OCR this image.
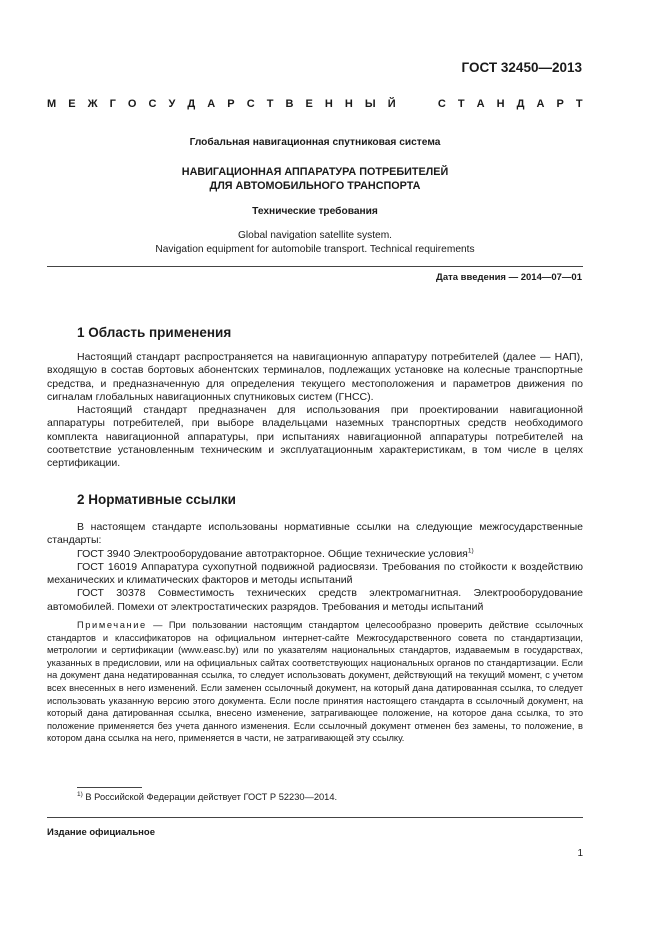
ГОСТ 32450—2013
М Е Ж Г О С У Д А Р С Т В Е Н Н Ы Й

	С Т А Н Д А Р Т
Глобальная навигационная спутниковая система
НАВИГАЦИОННАЯ АППАРАТУРА ПОТРЕБИТЕЛЕЙ
ДЛЯ АВТОМОБИЛЬНОГО ТРАНСПОРТА
Технические требования
Global navigation satellite system.
Navigation equipment for automobile transport. Technical requirements
Дата введения — 2014—07—01
1 Область применения

Настоящий стандарт распространяется на навигационную аппаратуру потребителей (далее — НАП), входящую в состав бортовых абонентских терминалов, подлежащих установке на колесные транспортные средства, и предназначенную для определения текущего местоположения и параметров движения по сигналам глобальных навигационных спутниковых систем (ГНСС).

Настоящий стандарт предназначен для использования при проектировании навигационной аппаратуры потребителей, при выборе владельцами наземных транспортных средств необходимого комплекта навигационной аппаратуры, при испытаниях навигационной аппаратуры потребителей на соответствие установленным техническим и эксплуатационным характеристикам, в том числе в целях сертификации.

2 Нормативные ссылки

В настоящем стандарте использованы нормативные ссылки на следующие межгосударственные стандарты:

ГОСТ 3940 Электрооборудование автотракторное. Общие технические условия$^{1)}$

ГОСТ 16019 Аппаратура сухопутной подвижной радиосвязи. Требования по стойкости к воздействию механических и климатических факторов и методы испытаний

ГОСТ 30378 Совместимость технических средств электромагнитная. Электрооборудование автомобилей. Помехи от электростатических разрядов. Требования и методы испытаний

Примечание — При пользовании настоящим стандартом целесообразно проверить действие ссылочных стандартов и классификаторов на официальном интернет-сайте Межгосударственного совета по стандартизации, метрологии и сертификации (www.easc.by) или по указателям национальных стандартов, издаваемым в государствах, указанных в предисловии, или на официальных сайтах соответствующих национальных органов по стандартизации. Если на документ дана недатированная ссылка, то следует использовать документ, действующий на текущий момент, с учетом всех внесенных в него изменений. Если заменен ссылочный документ, на который дана датированная ссылка, то следует использовать указанную версию этого документа. Если после принятия настоящего стандарта в ссылочный документ, на который дана датированная ссылка, внесено изменение, затрагивающее положение, на которое дана ссылка, то это положение применяется без учета данного изменения. Если ссылочный документ отменен без замены, то положение, в котором дана ссылка на него, применяется в части, не затрагивающей эту ссылку.

$^{1)}$ В Российской Федерации действует ГОСТ Р 52230—2014.
Издание официальное
1
